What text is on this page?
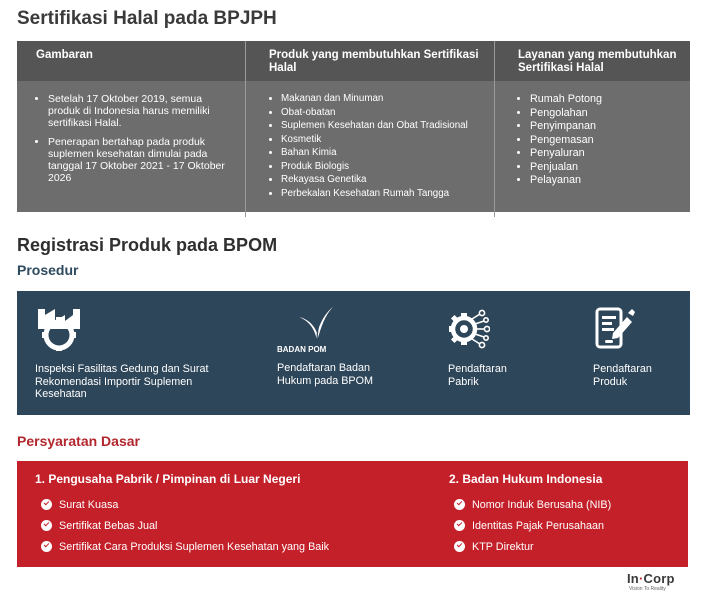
Sertifikasi Halal pada BPJPH
Gambaran	Produk yang membutuhkan Sertifikasi Halal
Layanan yang membutuhkan Sertifikasi Halal
• Setelah 17 Oktober 2019, semua produk di Indonesia harus memiliki sertifikasi Halal.
• Penerapan bertahap pada produk suplemen kesehatan dimulai pada tanggal 17 Oktober 2021 - 17 Oktober 2026
• Makanan dan Minuman
• Obat-obatan
• Suplemen Kesehatan dan Obat Tradisional
• Kosmetik
• Bahan Kimia
• Produk Biologis
• Rekayasa Genetika
• Perbekalan Kesehatan Rumah Tangga
• Rumah Potong
• Pengolahan
• Penyimpanan
• Pengemasan
• Penyaluran
• Penjualan
• Pelayanan
Registrasi Produk pada BPOM
Prosedur
Inspeksi Fasilitas Gedung dan Surat Rekomendasi Importir Suplemen Kesehatan
BADAN POM
Pendaftaran Badan Hukum pada BPOM
Pendaftaran Pabrik
Pendaftaran Produk
Persyaratan Dasar
1. Pengusaha Pabrik / Pimpinan di Luar Negeri
Surat Kuasa
Sertifikat Bebas Jual
Sertifikat Cara Produksi Suplemen Kesehatan yang Baik
2. Badan Hukum Indonesia
Nomor Induk Berusaha (NIB)
Identitas Pajak Perusahaan
KTP Direktur
In·Corp
Vision To Reality
